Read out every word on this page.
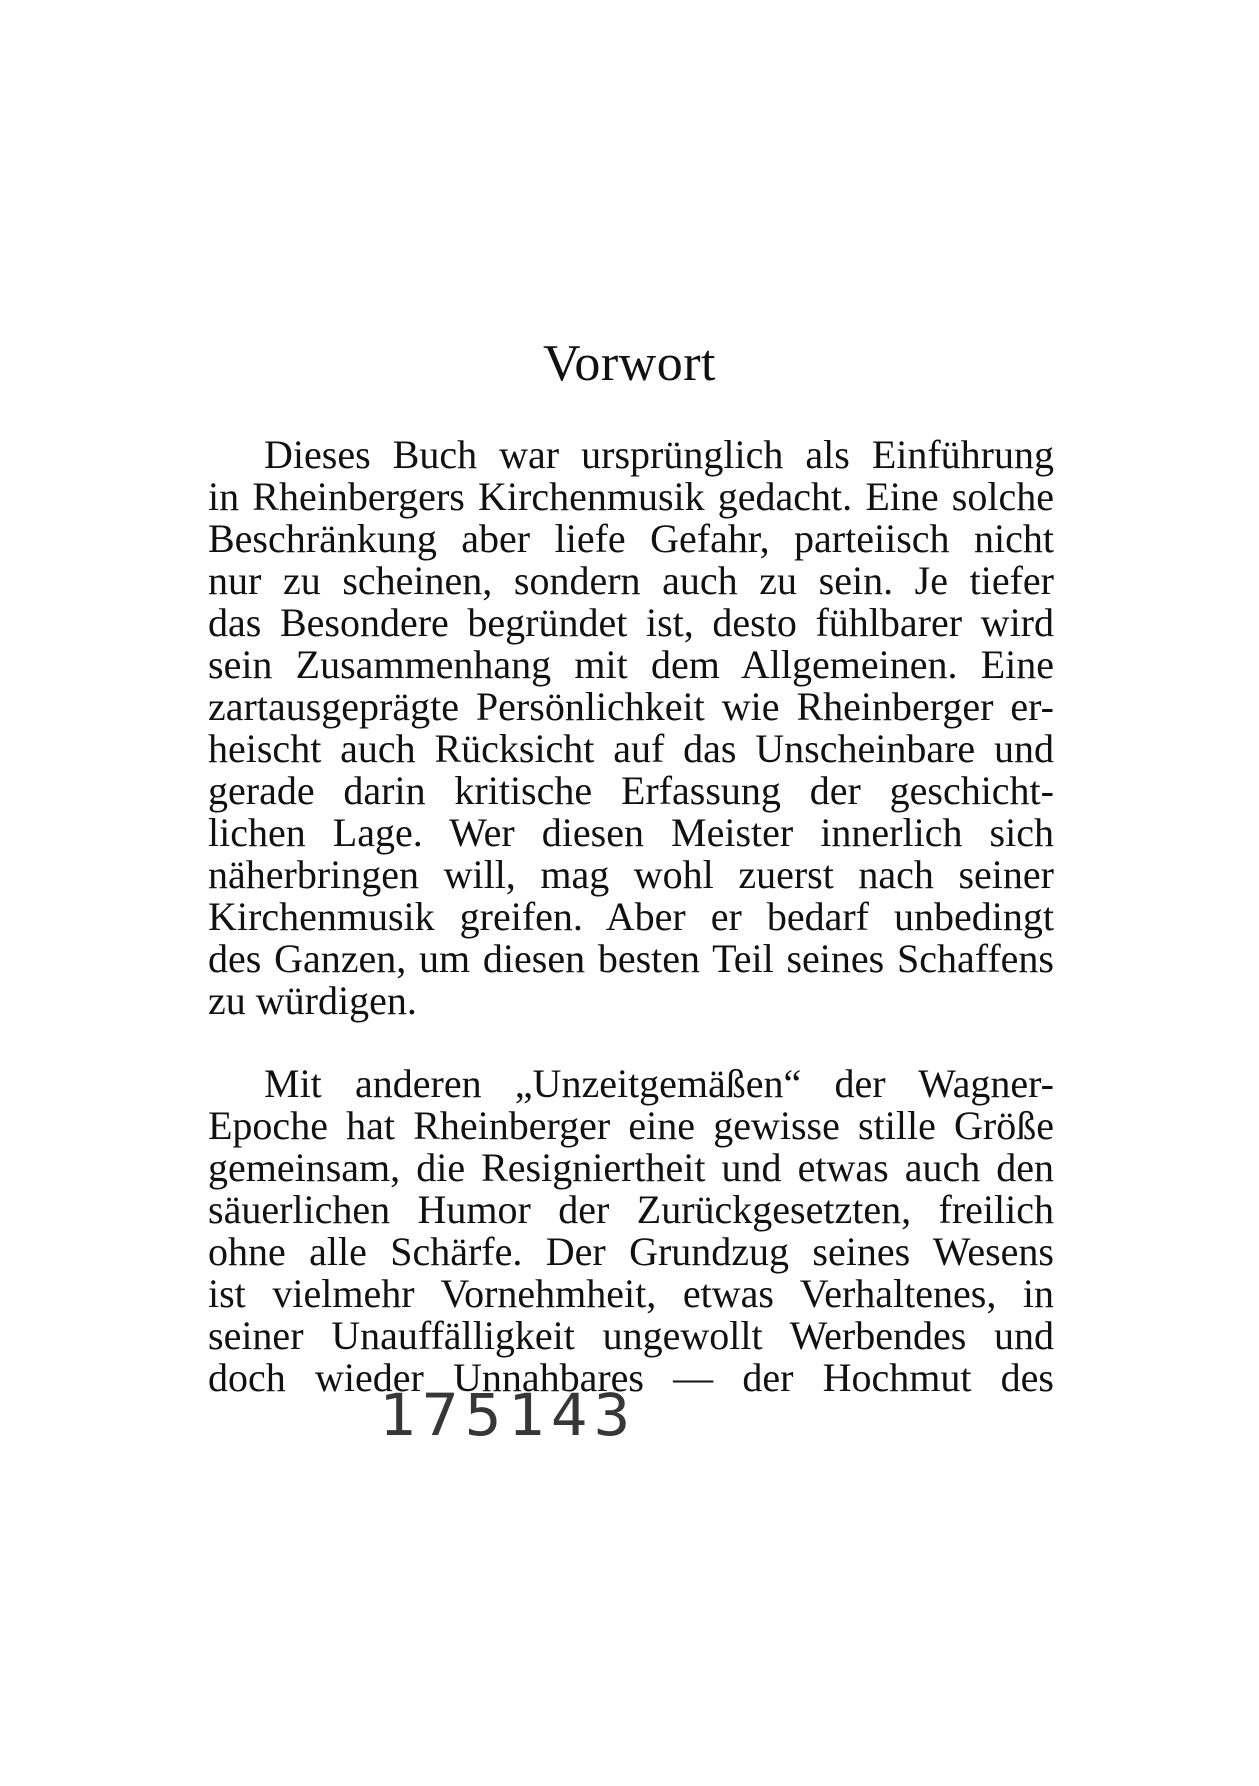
Vorwort
Dieses Buch war ursprünglich als Einführung
in Rheinbergers Kirchenmusik gedacht. Eine solche
Beschränkung aber liefe Gefahr, parteiisch nicht
nur zu scheinen, sondern auch zu sein. Je tiefer
das Besondere begründet ist, desto fühlbarer wird
sein Zusammenhang mit dem Allgemeinen. Eine
zartausgeprägte Persönlichkeit wie Rheinberger er-
heischt auch Rücksicht auf das Unscheinbare und
gerade darin kritische Erfassung der geschicht-
lichen Lage. Wer diesen Meister innerlich sich
näherbringen will, mag wohl zuerst nach seiner
Kirchenmusik greifen. Aber er bedarf unbedingt
des Ganzen, um diesen besten Teil seines Schaffens
zu würdigen.
Mit anderen „Unzeitgemäßen“ der Wagner-
Epoche hat Rheinberger eine gewisse stille Größe
gemeinsam, die Resigniertheit und etwas auch den
säuerlichen Humor der Zurückgesetzten, freilich
ohne alle Schärfe. Der Grundzug seines Wesens
ist vielmehr Vornehmheit, etwas Verhaltenes, in
seiner Unauffälligkeit ungewollt Werbendes und
doch wieder Unnahbares — der Hochmut des
175143
